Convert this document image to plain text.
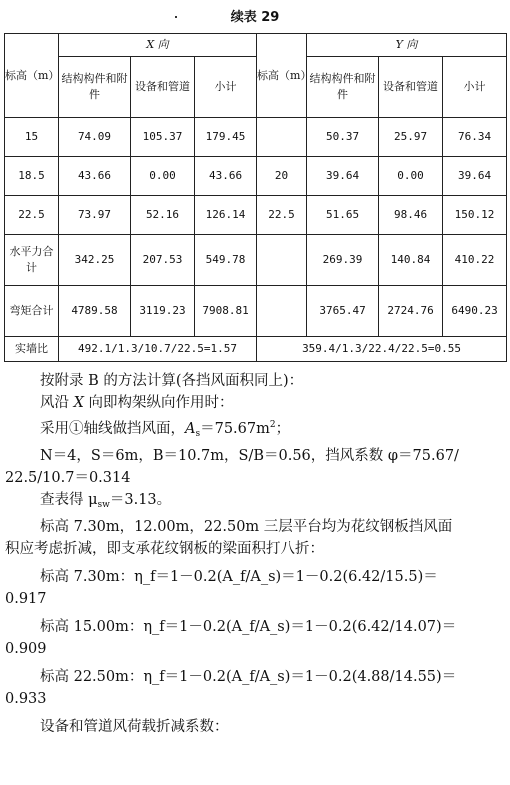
续表 29
标高（m）	X 向			标高（m）	Y 向		
	结构构件和附件	设备和管道	小计		结构构件和附件	设备和管道	小计
15	74.09	105.37	179.45		50.37	25.97	76.34
18.5	43.66	0.00	43.66	20	39.64	0.00	39.64
22.5	73.97	52.16	126.14	22.5	51.65	98.46	150.12
水平力合计	342.25	207.53	549.78		269.39	140.84	410.22
弯矩合计	4789.58	3119.23	7908.81		3765.47	2724.76	6490.23
实墙比	492.1/1.3/10.7/22.5=1.57			359.4/1.3/22.4/22.5=0.55			

按附录 B 的方法计算(各挡风面积同上)：

风沿 X 向即构架纵向作用时：

采用①轴线做挡风面，$A_s=75.67m^2$；

N＝4，S＝6m，B＝10.7m，S/B＝0.56，挡风系数 φ＝75.67/

22.5/10.7＝0.314

查表得 $\mu_{sw}=3.13$。

标高 7.30m，12.00m，22.50m 三层平台均为花纹钢板挡风面

积应考虑折减，即支承花纹钢板的梁面积打八折：

标高 7.30m：η_f＝1－0.2(A_f/A_s)＝1－0.2(6.42/15.5)＝

0.917

标高 15.00m：η_f＝1－0.2(A_f/A_s)＝1－0.2(6.42/14.07)＝

0.909

标高 22.50m：η_f＝1－0.2(A_f/A_s)＝1－0.2(4.88/14.55)＝

0.933

设备和管道风荷载折减系数：
